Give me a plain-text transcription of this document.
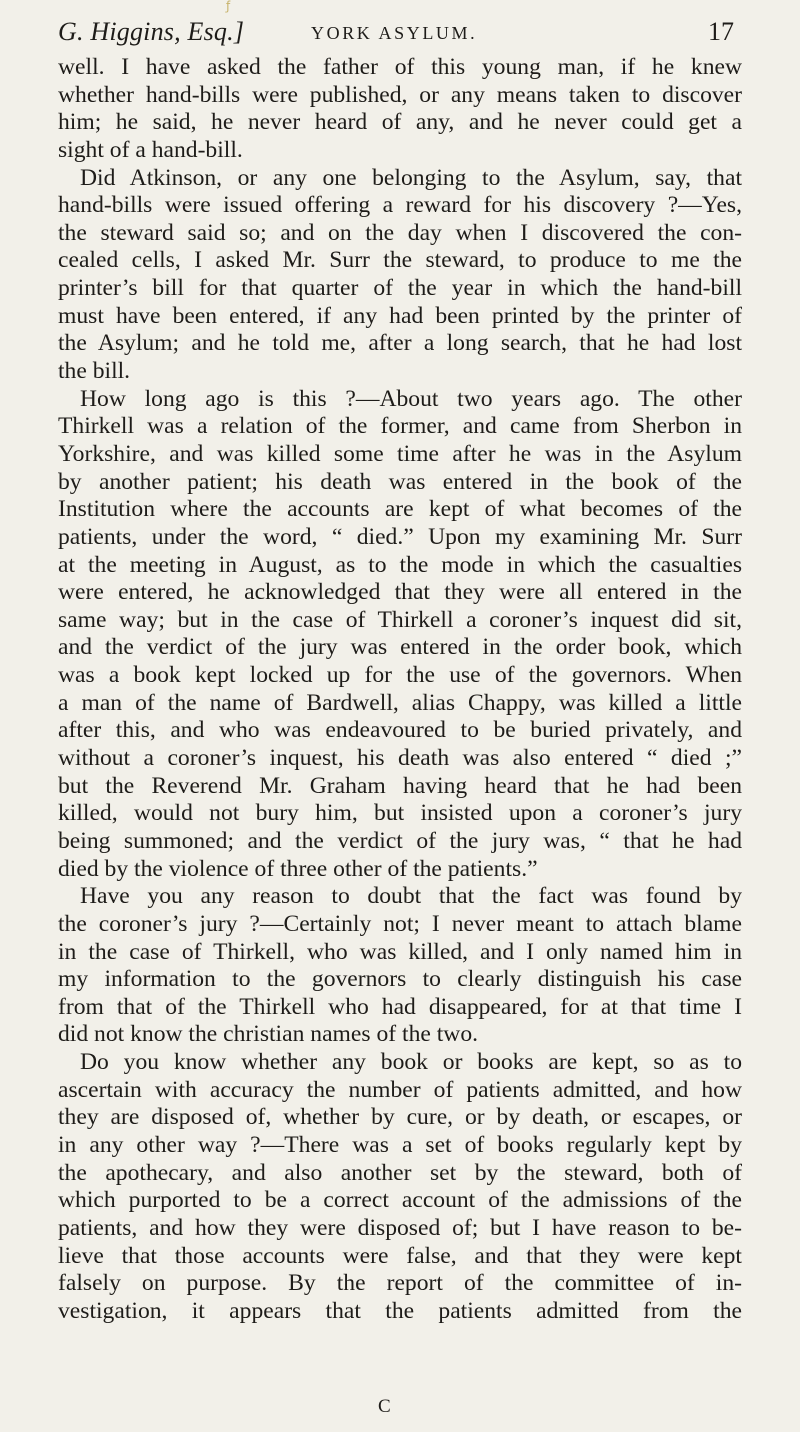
ƒ
G. Higgins, Esq.]	YORK ASYLUM.	17
well. I have asked the father of this young man, if he knew
whether hand-bills were published, or any means taken to discover
him; he said, he never heard of any, and he never could get a
sight of a hand-bill.
Did Atkinson, or any one belonging to the Asylum, say, that
hand-bills were issued offering a reward for his discovery ?—Yes,
the steward said so; and on the day when I discovered the con-
cealed cells, I asked Mr. Surr the steward, to produce to me the
printer’s bill for that quarter of the year in which the hand-bill
must have been entered, if any had been printed by the printer of
the Asylum; and he told me, after a long search, that he had lost
the bill.
How long ago is this ?—About two years ago. The other
Thirkell was a relation of the former, and came from Sherbon in
Yorkshire, and was killed some time after he was in the Asylum
by another patient; his death was entered in the book of the
Institution where the accounts are kept of what becomes of the
patients, under the word, “ died.” Upon my examining Mr. Surr
at the meeting in August, as to the mode in which the casualties
were entered, he acknowledged that they were all entered in the
same way; but in the case of Thirkell a coroner’s inquest did sit,
and the verdict of the jury was entered in the order book, which
was a book kept locked up for the use of the governors. When
a man of the name of Bardwell, alias Chappy, was killed a little
after this, and who was endeavoured to be buried privately, and
without a coroner’s inquest, his death was also entered “ died ;”
but the Reverend Mr. Graham having heard that he had been
killed, would not bury him, but insisted upon a coroner’s jury
being summoned; and the verdict of the jury was, “ that he had
died by the violence of three other of the patients.”
Have you any reason to doubt that the fact was found by
the coroner’s jury ?—Certainly not; I never meant to attach blame
in the case of Thirkell, who was killed, and I only named him in
my information to the governors to clearly distinguish his case
from that of the Thirkell who had disappeared, for at that time I
did not know the christian names of the two.
Do you know whether any book or books are kept, so as to
ascertain with accuracy the number of patients admitted, and how
they are disposed of, whether by cure, or by death, or escapes, or
in any other way ?—There was a set of books regularly kept by
the apothecary, and also another set by the steward, both of
which purported to be a correct account of the admissions of the
patients, and how they were disposed of; but I have reason to be-
lieve that those accounts were false, and that they were kept
falsely on purpose. By the report of the committee of in-
vestigation, it appears that the patients admitted from the
C
